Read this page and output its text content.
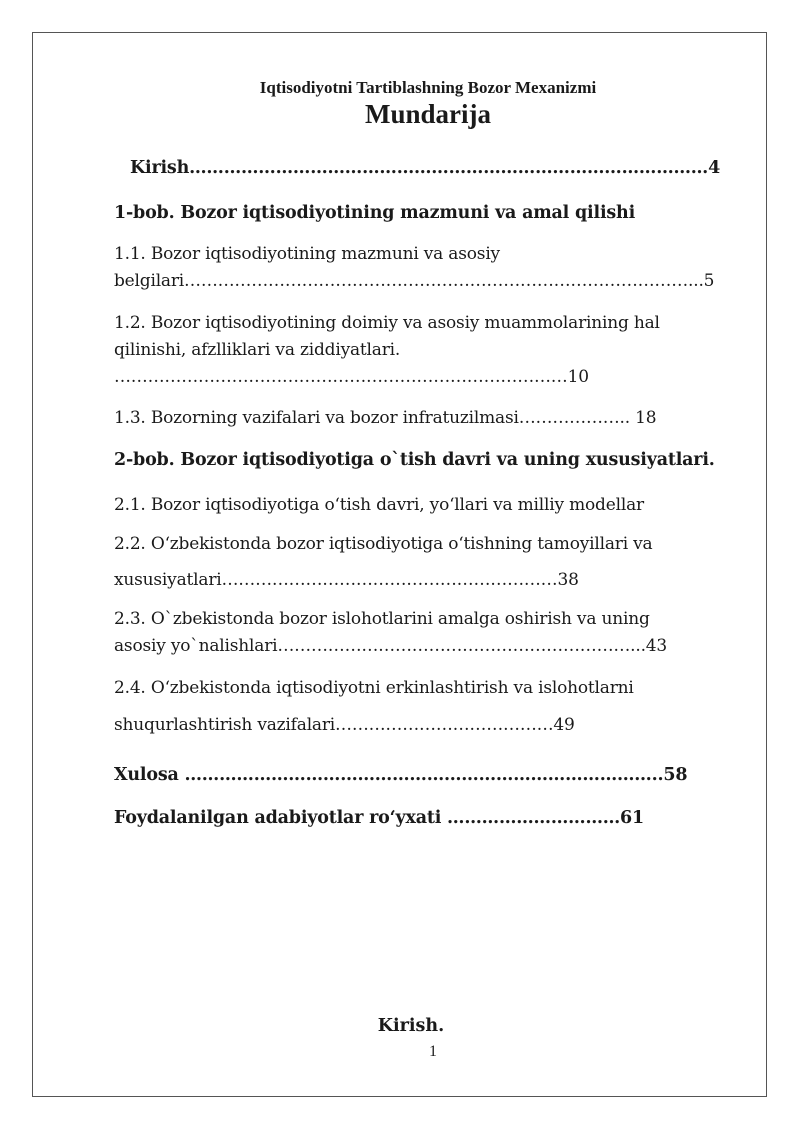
Iqtisodiyotni Tartiblashning Bozor Mexanizmi
Mundarija
Kirish………………………………………………………………………………4
1-bob. Bozor iqtisodiyotining mazmuni va amal qilishi
1.1. Bozor iqtisodiyotining mazmuni va asosiy
belgilari………………………………………………………………………………...5
1.2. Bozor iqtisodiyotining doimiy va asosiy muammolarining hal
qilinishi, afzlliklari va ziddiyatlari.
………………………………………………………………………10
1.3. Bozorning vazifalari va bozor infratuzilmasi……………….. 18
2-bob. Bozor iqtisodiyotiga o`tish davri va uning xususiyatlari.
2.1. Bozor iqtisodiyotiga o‘tish davri, yo‘llari va milliy modellar
2.2. O‘zbekistonda bozor iqtisodiyotiga o‘tishning tamoyillari va
xususiyatlari……………………………………………………38
2.3. O`zbekistonda bozor islohotlarini amalga oshirish va uning
asosiy yo`nalishlari………………………………………………………...43
2.4. O‘zbekistonda iqtisodiyotni erkinlashtirish va islohotlarni
shuqurlashtirish vazifalari…………………………………49
Xulosa ………………………………………………………………………..58
Foydalanilgan adabiyotlar ro‘yxati …………………………61
Kirish.
1
